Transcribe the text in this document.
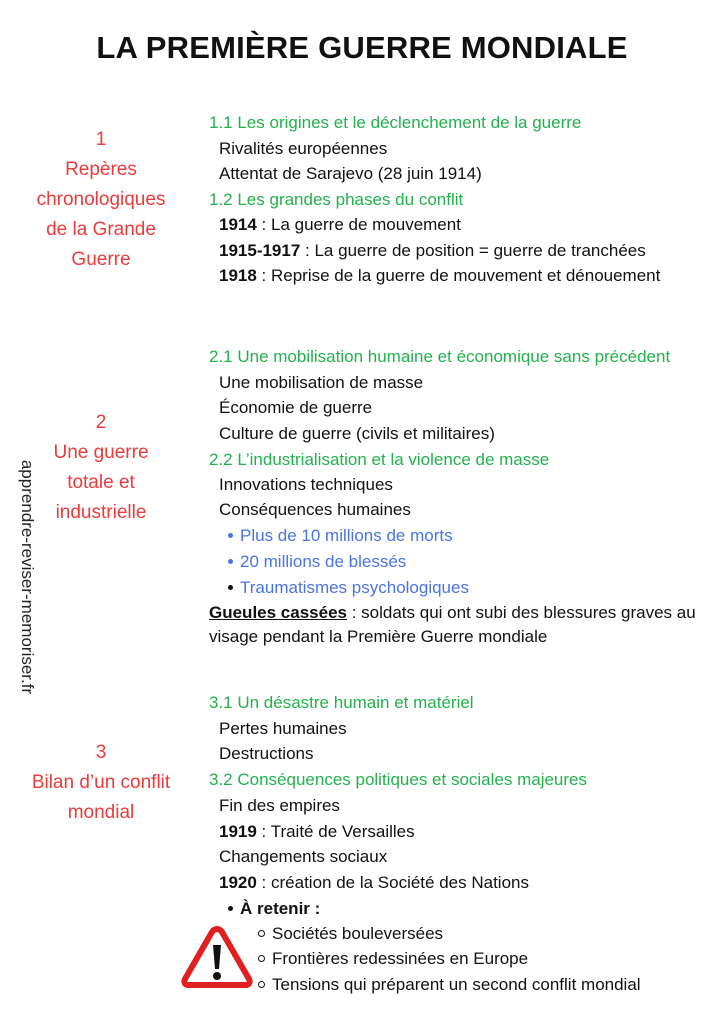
LA PREMIÈRE GUERRE MONDIALE
apprendre-reviser-memoriser.fr
1
Repères
chronologiques
de la Grande
Guerre
1.1 Les origines et le déclenchement de la guerre
Rivalités européennes
Attentat de Sarajevo (28 juin 1914)
1.2 Les grandes phases du conflit
1914 : La guerre de mouvement
1915-1917 : La guerre de position = guerre de tranchées
1918 : Reprise de la guerre de mouvement et dénouement
2
Une guerre
totale et
industrielle
2.1 Une mobilisation humaine et économique sans précédent
Une mobilisation de masse
Économie de guerre
Culture de guerre (civils et militaires)
2.2 L’industrialisation et la violence de masse
Innovations techniques
Conséquences humaines
Plus de 10 millions de morts
20 millions de blessés
Traumatismes psychologiques
Gueules cassées : soldats qui ont subi des blessures graves au visage pendant la Première Guerre mondiale
3
Bilan d’un conflit
mondial
3.1 Un désastre humain et matériel
Pertes humaines
Destructions
3.2 Conséquences politiques et sociales majeures
Fin des empires
1919 : Traité de Versailles
Changements sociaux
1920 : création de la Société des Nations
À retenir :
Sociétés bouleversées
Frontières redessinées en Europe
Tensions qui préparent un second conflit mondial
